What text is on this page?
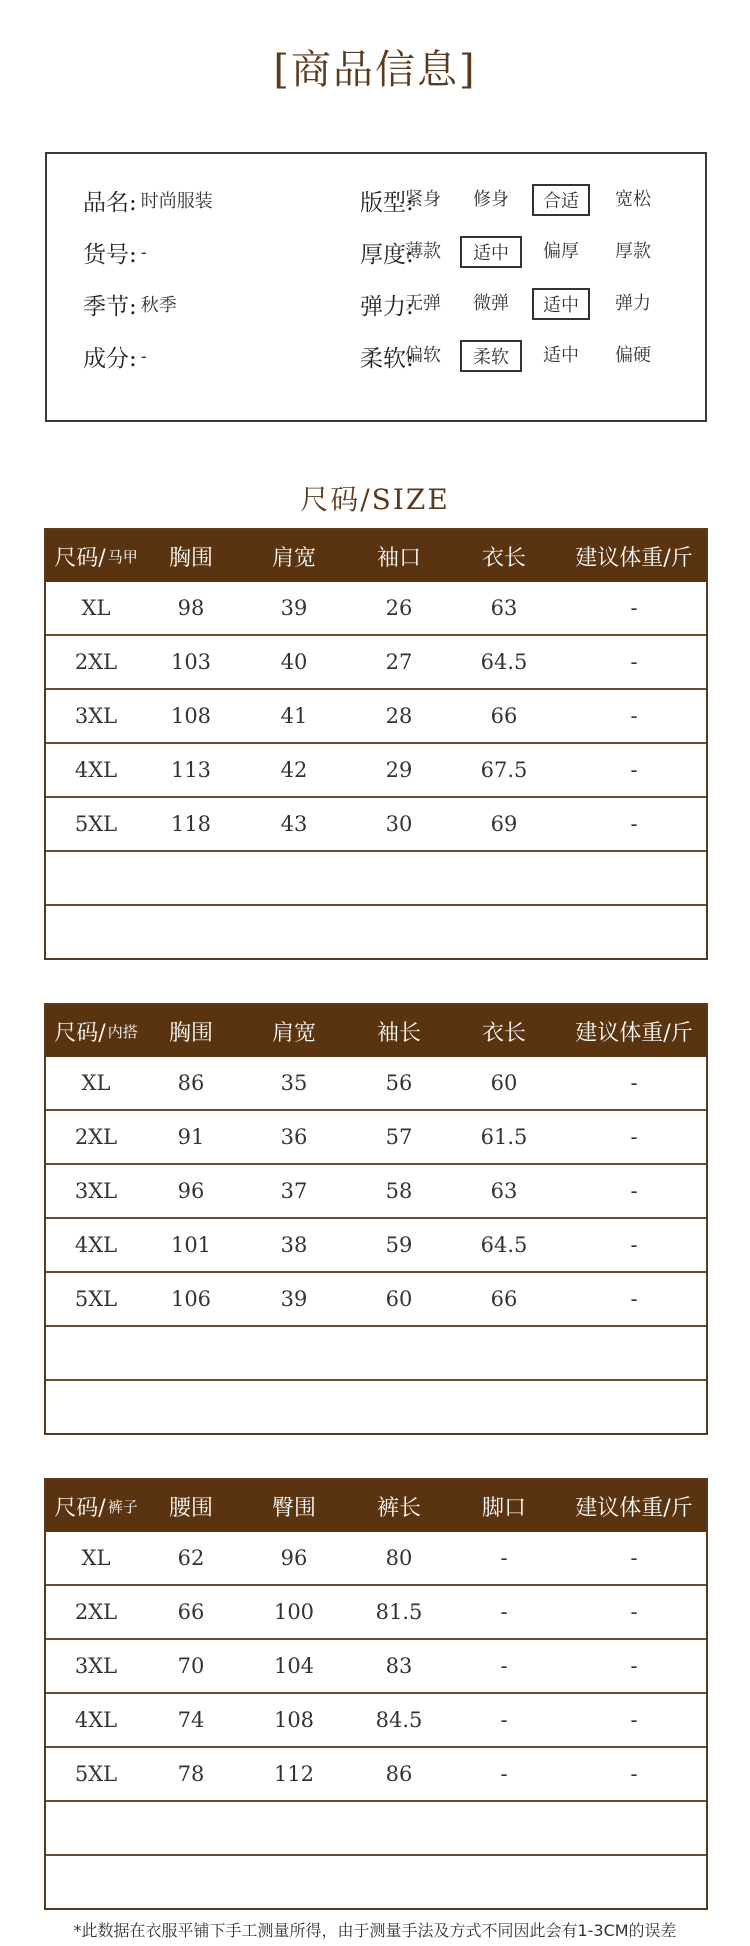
[商品信息]
品名: 时尚服装
货号: -
季节: 秋季
成分: -
版型:
紧身	修身	合适	宽松
厚度:
薄款	适中	偏厚	厚款
弹力:
无弹	微弹	适中	弹力
柔软:
偏软	柔软	适中	偏硬
尺码/SIZE
尺码/ 马甲	胸围	肩宽	袖口	衣长	建议体重/斤
XL	98	39	26	63	-
2XL	103	40	27	64.5	-
3XL	108	41	28	66	-
4XL	113	42	29	67.5	-
5XL	118	43	30	69	-
尺码/ 内搭	胸围	肩宽	袖长	衣长	建议体重/斤
XL	86	35	56	60	-
2XL	91	36	57	61.5	-
3XL	96	37	58	63	-
4XL	101	38	59	64.5	-
5XL	106	39	60	66	-
尺码/ 裤子	腰围	臀围	裤长	脚口	建议体重/斤
XL	62	96	80	-	-
2XL	66	100	81.5	-	-
3XL	70	104	83	-	-
4XL	74	108	84.5	-	-
5XL	78	112	86	-	-
*此数据在衣服平铺下手工测量所得，由于测量手法及方式不同因此会有1-3CM的误差
